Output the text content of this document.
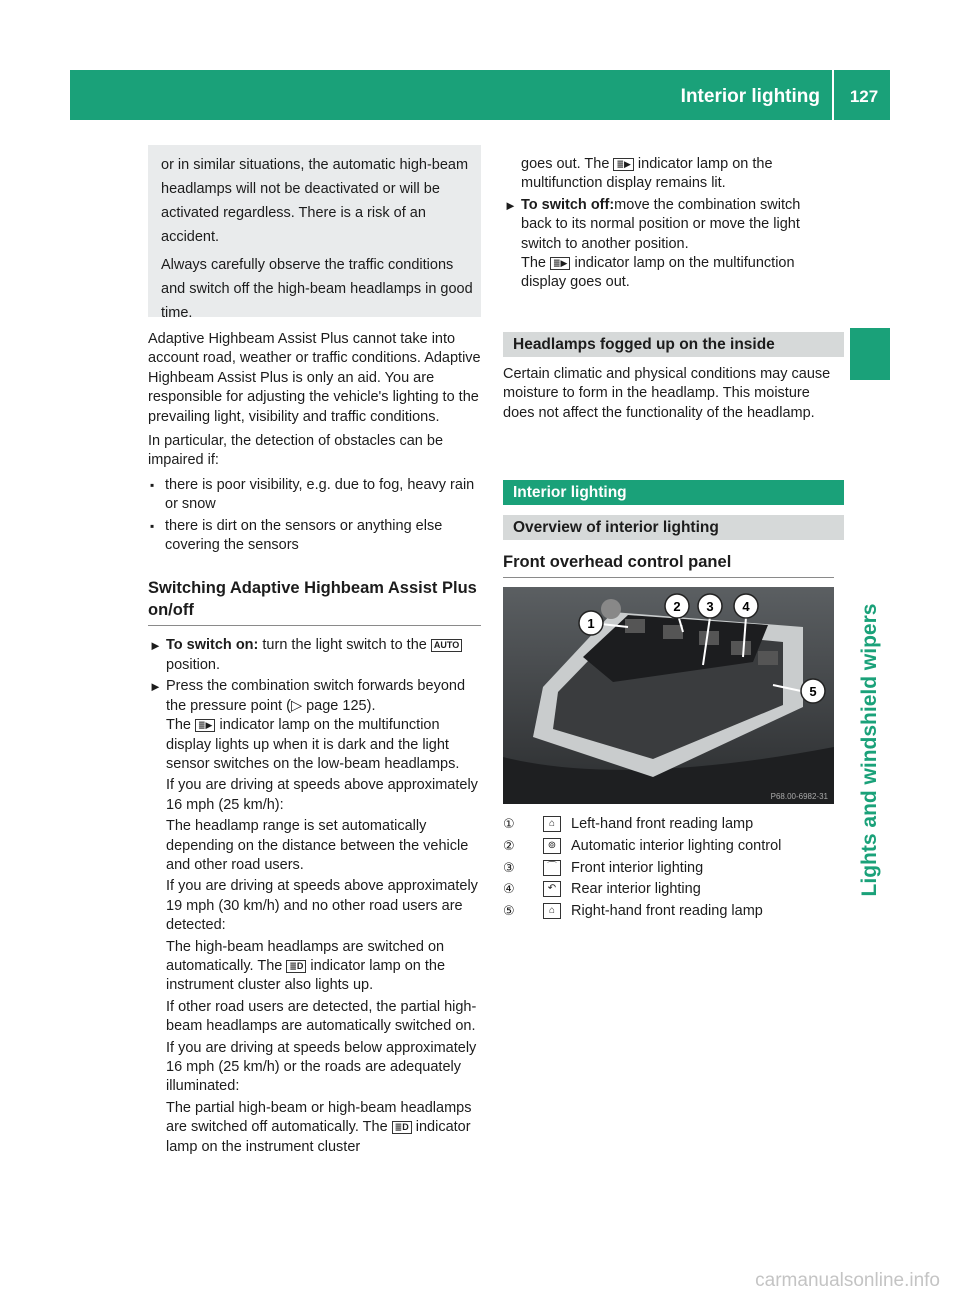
Interior lighting	127
Lights and windshield wipers

or in similar situations, the automatic high-beam headlamps will not be deactivated or will be activated regardless. There is a risk of an accident.

Always carefully observe the traffic conditions and switch off the high-beam headlamps in good time.

Adaptive Highbeam Assist Plus cannot take into account road, weather or traffic conditions. Adaptive Highbeam Assist Plus is only an aid. You are responsible for adjusting the vehicle's lighting to the prevailing light, visibility and traffic conditions.

In particular, the detection of obstacles can be impaired if:

▪ there is poor visibility, e.g. due to fog, heavy rain or snow
▪ there is dirt on the sensors or anything else covering the sensors
Switching Adaptive Highbeam Assist Plus on/off
► To switch on: turn the light switch to the AUTO position.
► Press the combination switch forwards beyond the pressure point (▷ page 125).
The ≣▶ indicator lamp on the multifunction display lights up when it is dark and the light sensor switches on the low-beam headlamps.

If you are driving at speeds above approximately 16 mph (25 km/h):

The headlamp range is set automatically depending on the distance between the vehicle and other road users.

If you are driving at speeds above approximately 19 mph (30 km/h) and no other road users are detected:

The high-beam headlamps are switched on automatically. The ≣D indicator lamp on the instrument cluster also lights up.

If other road users are detected, the partial high-beam headlamps are automatically switched on.

If you are driving at speeds below approximately 16 mph (25 km/h) or the roads are adequately illuminated:

The partial high-beam or high-beam headlamps are switched off automatically. The ≣D indicator lamp on the instrument cluster

goes out. The ≣▶ indicator lamp on the multifunction display remains lit.

► To switch off:move the combination switch back to its normal position or move the light switch to another position.
The ≣▶ indicator lamp on the multifunction display goes out.
Headlamps fogged up on the inside

Certain climatic and physical conditions may cause moisture to form in the headlamp. This moisture does not affect the functionality of the headlamp.

Interior lighting
Overview of interior lighting
Front overhead control panel
1
2 3 4
5
P68.00-6982-31
①	⌂	Left-hand front reading lamp
②	⊚	Automatic interior lighting control
③	⌒ Front interior lighting
④	↶	Rear interior lighting
⑤	⌂	Right-hand front reading lamp
carmanualsonline.info
